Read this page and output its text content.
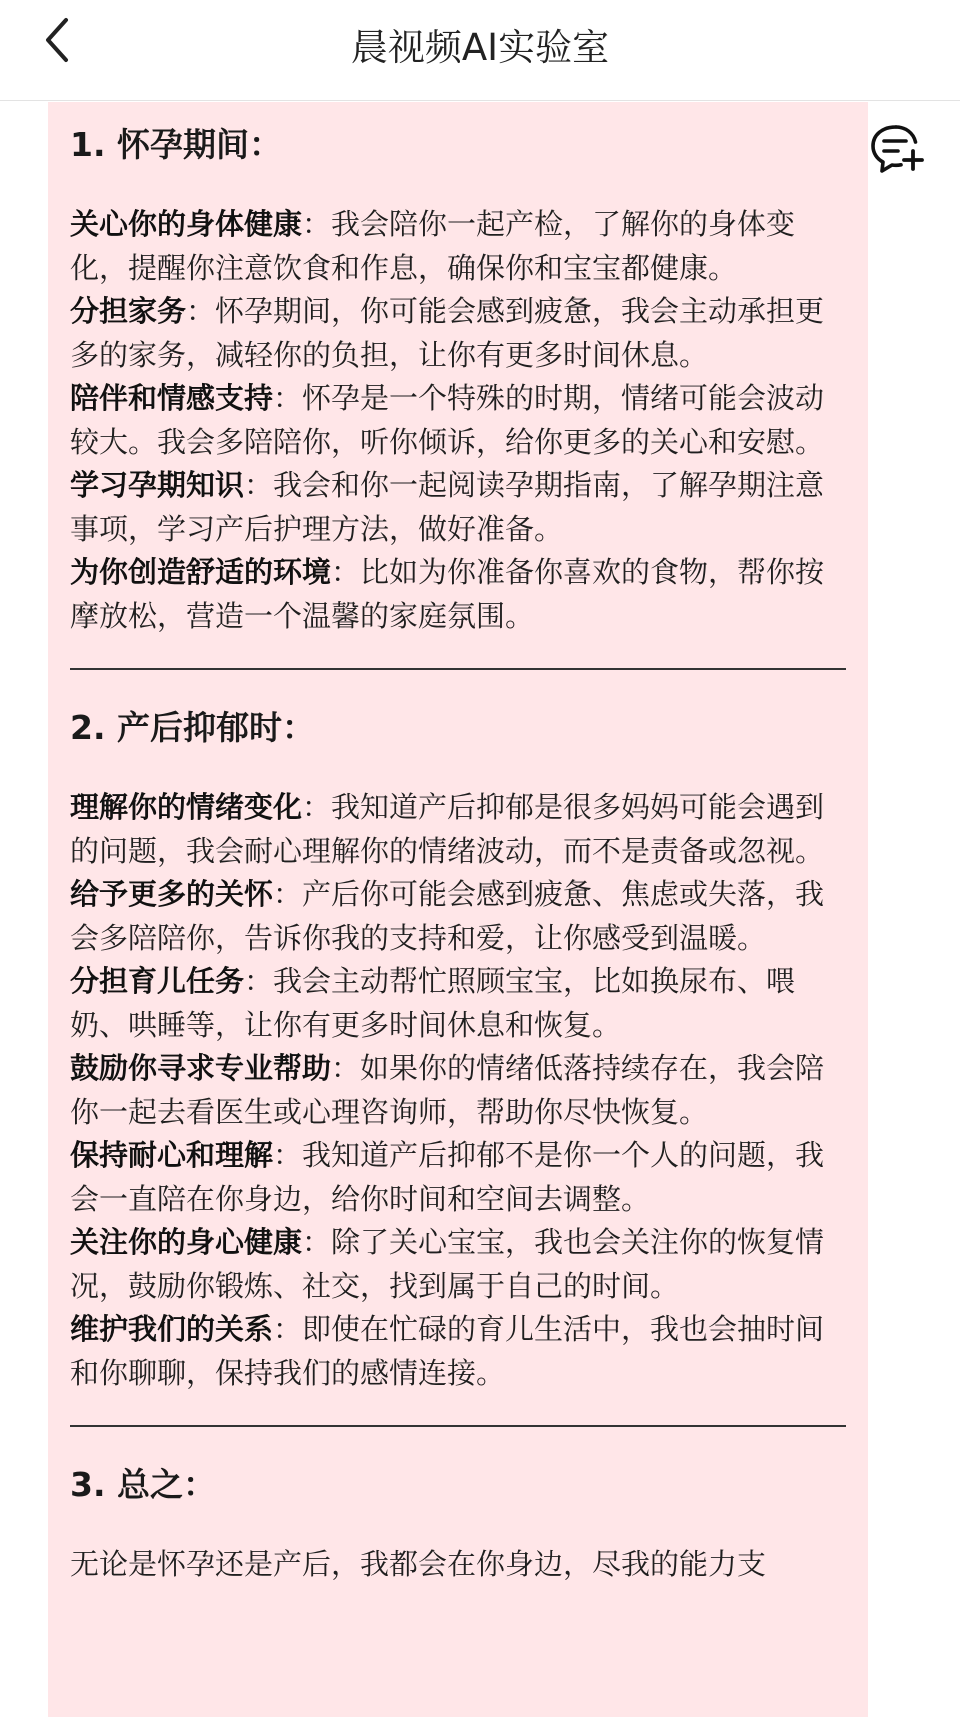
晨视频AI实验室
1. 怀孕期间：

关心你的身体健康：我会陪你一起产检，了解你的身体变化，提醒你注意饮食和作息，确保你和宝宝都健康。

分担家务：怀孕期间，你可能会感到疲惫，我会主动承担更多的家务，减轻你的负担，让你有更多时间休息。

陪伴和情感支持：怀孕是一个特殊的时期，情绪可能会波动较大。我会多陪陪你，听你倾诉，给你更多的关心和安慰。

学习孕期知识：我会和你一起阅读孕期指南，了解孕期注意事项，学习产后护理方法，做好准备。

为你创造舒适的环境：比如为你准备你喜欢的食物，帮你按摩放松，营造一个温馨的家庭氛围。

2. 产后抑郁时：

理解你的情绪变化：我知道产后抑郁是很多妈妈可能会遇到的问题，我会耐心理解你的情绪波动，而不是责备或忽视。

给予更多的关怀：产后你可能会感到疲惫、焦虑或失落，我会多陪陪你，告诉你我的支持和爱，让你感受到温暖。

分担育儿任务：我会主动帮忙照顾宝宝，比如换尿布、喂奶、哄睡等，让你有更多时间休息和恢复。

鼓励你寻求专业帮助：如果你的情绪低落持续存在，我会陪你一起去看医生或心理咨询师，帮助你尽快恢复。

保持耐心和理解：我知道产后抑郁不是你一个人的问题，我会一直陪在你身边，给你时间和空间去调整。

关注你的身心健康：除了关心宝宝，我也会关注你的恢复情况，鼓励你锻炼、社交，找到属于自己的时间。

维护我们的关系：即使在忙碌的育儿生活中，我也会抽时间和你聊聊，保持我们的感情连接。

3. 总之：
无论是怀孕还是产后，我都会在你身边，尽我的能力支
